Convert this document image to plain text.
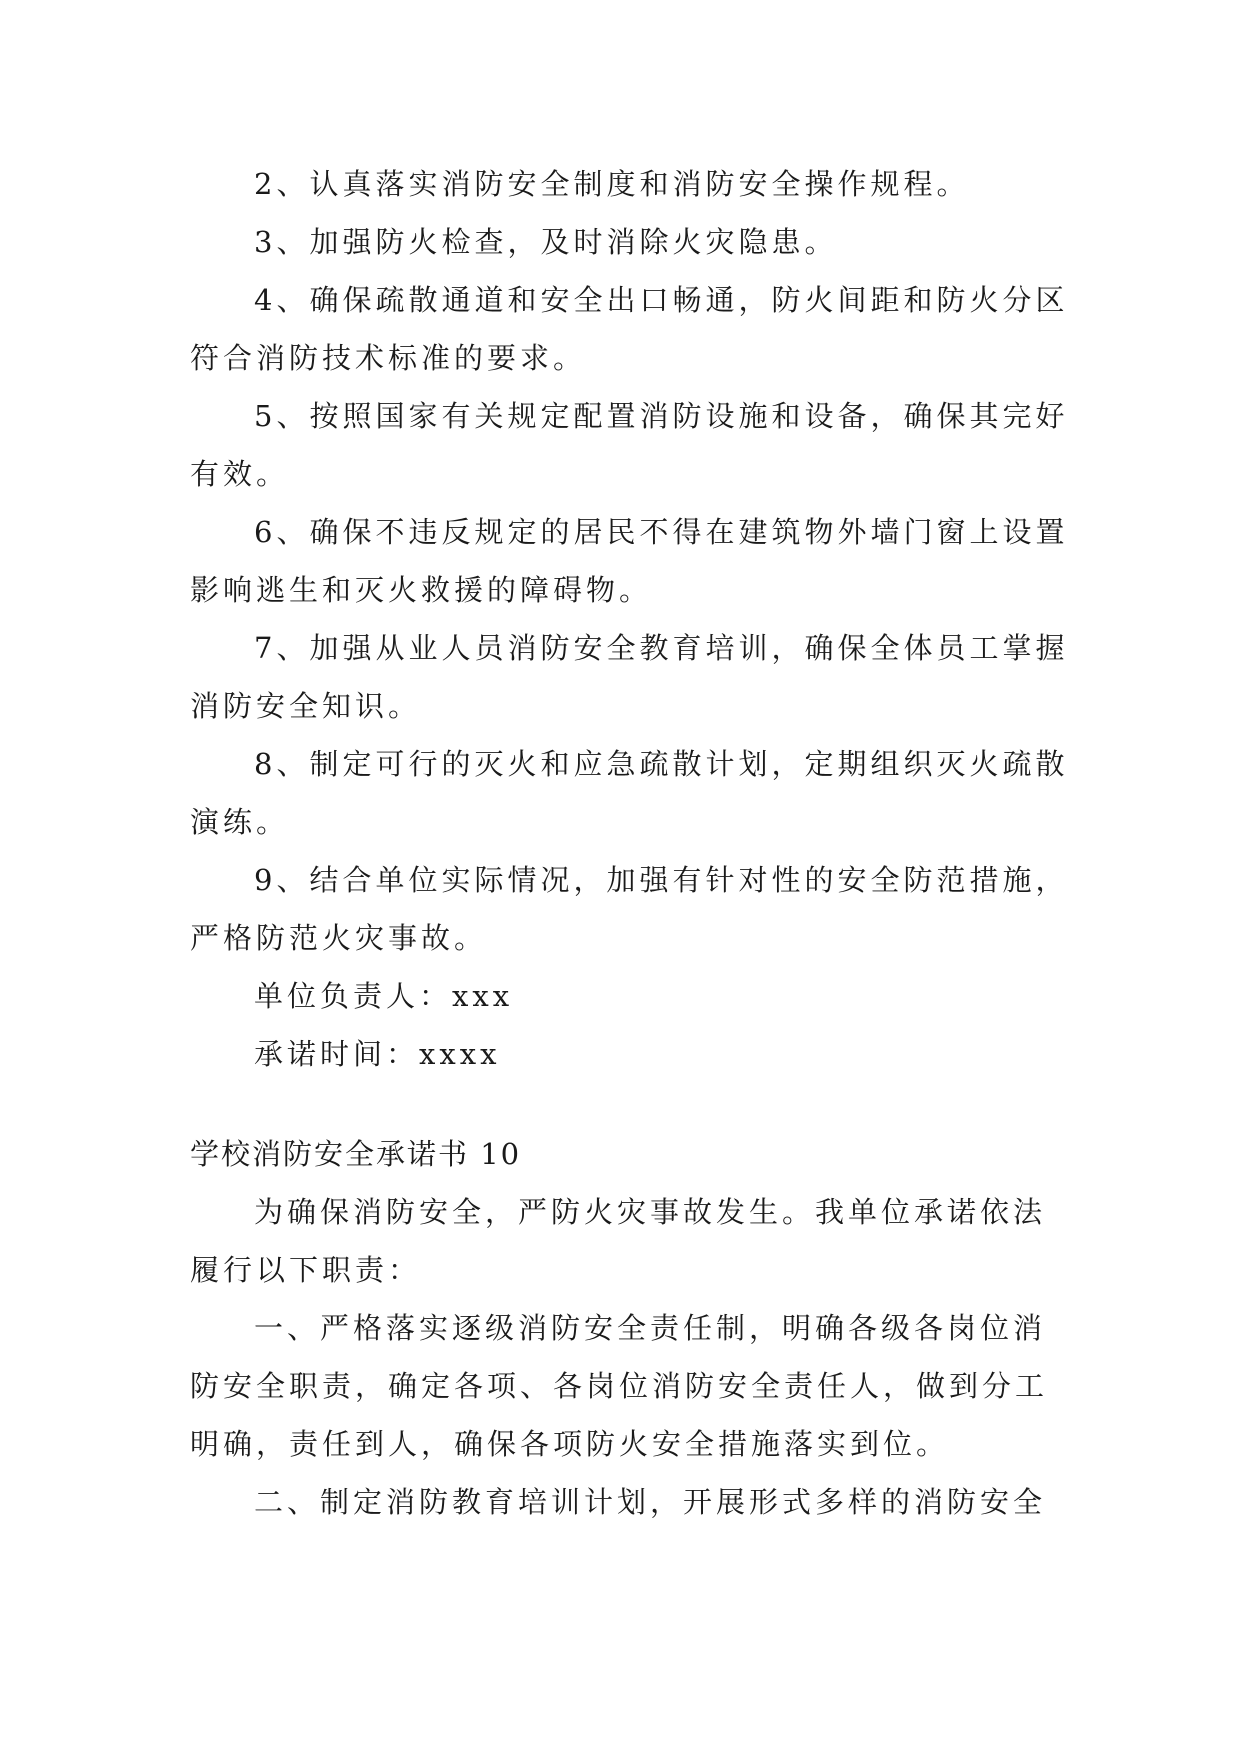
2、认真落实消防安全制度和消防安全操作规程。

3、加强防火检查，及时消除火灾隐患。

4、确保疏散通道和安全出口畅通，防火间距和防火分区符合消防技术标准的要求。

5、按照国家有关规定配置消防设施和设备，确保其完好有效。

6、确保不违反规定的居民不得在建筑物外墙门窗上设置影响逃生和灭火救援的障碍物。

7、加强从业人员消防安全教育培训，确保全体员工掌握消防安全知识。

8、制定可行的灭火和应急疏散计划，定期组织灭火疏散演练。

9、结合单位实际情况，加强有针对性的安全防范措施，严格防范火灾事故。

单位负责人：xxx

承诺时间：xxxx

学校消防安全承诺书 10

为确保消防安全，严防火灾事故发生。我单位承诺依法履行以下职责：

一、严格落实逐级消防安全责任制，明确各级各岗位消防安全职责，确定各项、各岗位消防安全责任人，做到分工明确，责任到人，确保各项防火安全措施落实到位。

二、制定消防教育培训计划，开展形式多样的消防安全
